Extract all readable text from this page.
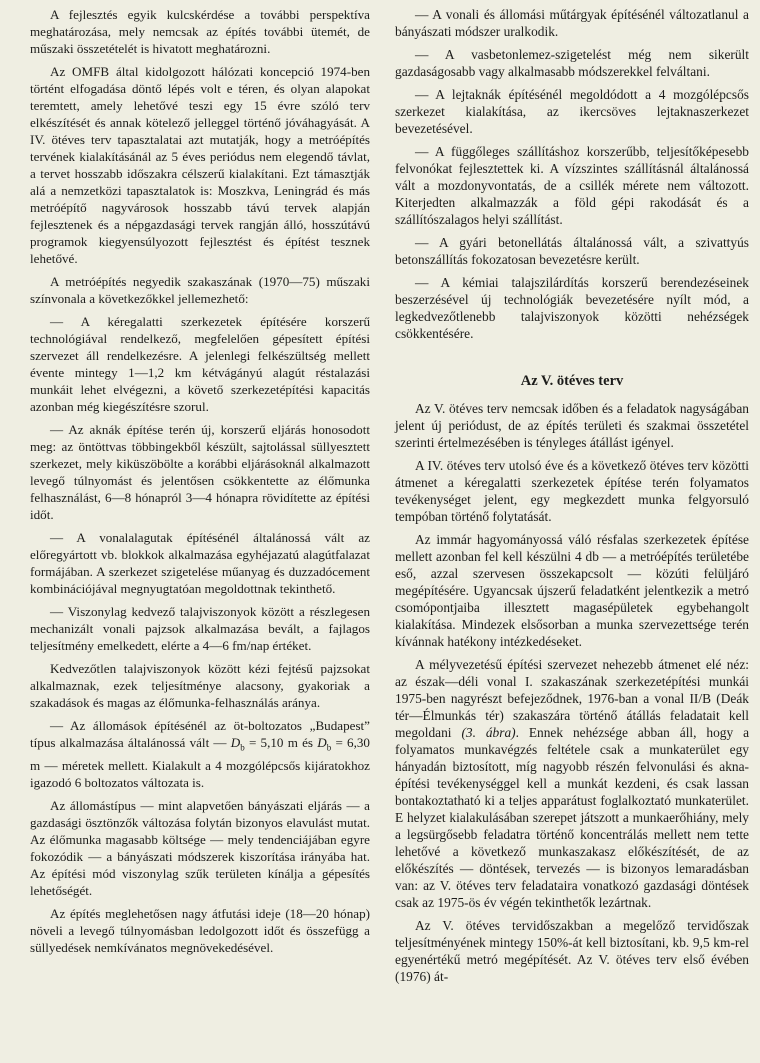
A fejlesztés egyik kulcskérdése a további perspektíva meghatározása, mely nemcsak az építés további ütemét, de műszaki összetételét is hivatott meghatározni.

Az OMFB által kidolgozott hálózati koncepció 1974-ben történt elfogadása döntő lépés volt e téren, és olyan alapokat teremtett, amely lehetővé teszi egy 15 évre szóló terv elkészítését és annak kötelező jelleggel történő jóváhagyását. A IV. ötéves terv tapasztalatai azt mutatják, hogy a metróépítés tervének kialakításánál az 5 éves periódus nem elegendő távlat, a tervet hosszabb időszakra célszerű kialakítani. Ezt támasztják alá a nemzetközi tapasztalatok is: Moszkva, Leningrád és más metróépítő nagyvárosok hosszabb távú tervek alapján fejlesztenek és a népgazdasági tervek rangján álló, hosszútávú programok kiegyensúlyozott fejlesztést és építést tesznek lehetővé.

A metróépítés negyedik szakaszának (1970—75) műszaki színvonala a következőkkel jellemezhető:

— A kéregalatti szerkezetek építésére korszerű technológiával rendelkező, megfelelően gépesített építési szervezet áll rendelkezésre. A jelenlegi felkészültség mellett évente mintegy 1—1,2 km kétvágányú alagút réstalazási munkáit lehet elvégezni, a követő szerkezetépítési kapacitás azonban még kiegészítésre szorul.

— Az aknák építése terén új, korszerű eljárás honosodott meg: az öntöttvas többingekből készült, sajtolással süllyesztett szerkezet, mely kiküszöbölte a korábbi eljárásoknál alkalmazott levegő túlnyomást és jelentősen csökkentette az élőmunka felhasználást, 6—8 hónapról 3—4 hónapra rövidítette az építési időt.

— A vonalalagutak építésénél általánossá vált az előregyártott vb. blokkok alkalmazása egyhéjazatú alagútfalazat formájában. A szerkezet szigetelése műanyag és duzzadócement kombinációjával megnyugtatóan megoldottnak tekinthető.

— Viszonylag kedvező talajviszonyok között a részlegesen mechanizált vonali pajzsok alkalmazása bevált, a fajlagos teljesítmény emelkedett, elérte a 4—6 fm/nap értéket.

Kedvezőtlen talajviszonyok között kézi fejtésű pajzsokat alkalmaznak, ezek teljesítménye alacsony, gyakoriak a szakadások és magas az élőmunka-felhasználás aránya.

— Az állomások építésénél az öt-boltozatos „Budapest” típus alkalmazása általánossá vált — $D_b = 5,10$ m és $D_b = 6,30$ m — méretek mellett. Kialakult a 4 mozgólépcsős kijáratokhoz igazodó 6 boltozatos változata is.

Az állomástípus — mint alapvetően bányászati eljárás — a gazdasági ösztönzők változása folytán bizonyos elavulást mutat. Az élőmunka magasabb költsége — mely tendenciájában egyre fokozódik — a bányászati módszerek kiszorítása irányába hat. Az építési mód viszonylag szűk területen kínálja a gépesítés lehetőségét.

Az építés meglehetősen nagy átfutási ideje (18—20 hónap) növeli a levegő túlnyomásban ledolgozott időt és összefügg a süllyedések nemkívánatos megnövekedésével.

— A vonali és állomási műtárgyak építésénél változatlanul a bányászati módszer uralkodik.

— A vasbetonlemez-szigetelést még nem sikerült gazdaságosabb vagy alkalmasabb módszerekkel felváltani.

— A lejtaknák építésénél megoldódott a 4 mozgólépcsős szerkezet kialakítása, az ikercsöves lejtaknaszerkezet bevezetésével.

— A függőleges szállításhoz korszerűbb, teljesítőképesebb felvonókat fejlesztettek ki. A vízszintes szállításnál általánossá vált a mozdonyvontatás, de a csillék mérete nem változott. Kiterjedten alkalmazzák a föld gépi rakodását és a szállítószalagos helyi szállítást.

— A gyári betonellátás általánossá vált, a szivattyús betonszállítás fokozatosan bevezetésre került.

— A kémiai talajszilárdítás korszerű berendezéseinek beszerzésével új technológiák bevezetésére nyílt mód, a legkedvezőtlenebb talajviszonyok közötti nehézségek csökkentésére.

Az V. ötéves terv

Az V. ötéves terv nemcsak időben és a feladatok nagyságában jelent új periódust, de az építés területi és szakmai összetétel szerinti értelmezésében is tényleges átállást igényel.

A IV. ötéves terv utolsó éve és a következő ötéves terv közötti átmenet a kéregalatti szerkezetek építése terén folyamatos tevékenységet jelent, egy megkezdett munka felgyorsuló tempóban történő folytatását.

Az immár hagyományossá váló résfalas szerkezetek építése mellett azonban fel kell készülni 4 db — a metróépítés területébe eső, azzal szervesen összekapcsolt — közúti felüljáró megépítésére. Ugyancsak újszerű feladatként jelentkezik a metró csomópontjaiba illesztett magasépületek egybehangolt kialakítása. Mindezek elsősorban a munka szervezettsége terén kívánnak hatékony intézkedéseket.

A mélyvezetésű építési szervezet nehezebb átmenet elé néz: az észak—déli vonal I. szakaszának szerkezetépítési munkái 1975-ben nagyrészt befejeződnek, 1976-ban a vonal II/B (Deák tér—Élmunkás tér) szakaszára történő átállás feladatait kell megoldani (3. ábra). Ennek nehézsége abban áll, hogy a folyamatos munkavégzés feltétele csak a munkaterület egy hányadán biztosított, míg nagyobb részén felvonulási és akna-építési tevékenységgel kell a munkát kezdeni, és csak lassan bontakoztatható ki a teljes apparátust foglalkoztató munkaterület. E helyzet kialakulásában szerepet játszott a munkaerőhiány, mely a legsürgősebb feladatra történő koncentrálás mellett nem tette lehetővé a következő munkaszakasz előkészítését, de az előkészítés — döntések, tervezés — is bizonyos lemaradásban van: az V. ötéves terv feladataira vonatkozó gazdasági döntések csak az 1975-ös év végén tekinthetők lezártnak.

Az V. ötéves tervidőszakban a megelőző tervidőszak teljesítményének mintegy 150%-át kell biztosítani, kb. 9,5 km-rel egyenértékű metró megépítését. Az V. ötéves terv első évében (1976) át-
